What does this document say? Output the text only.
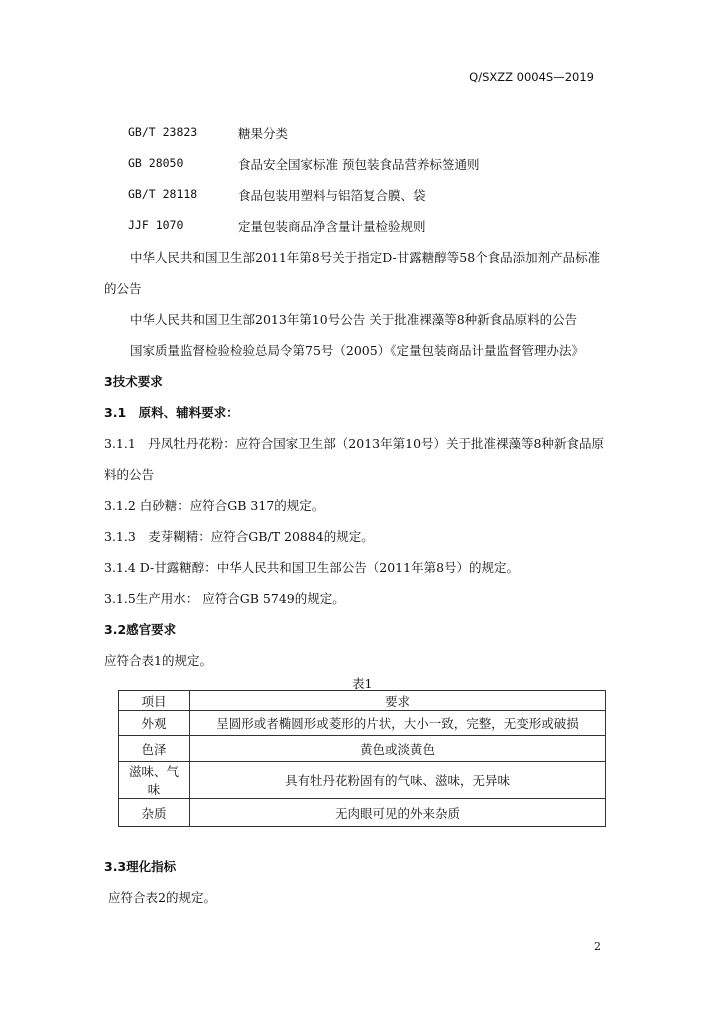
Q/SXZZ 0004S—2019
GB/T 23823	糖果分类
GB 28050	食品安全国家标准 预包装食品营养标签通则
GB/T 28118	食品包装用塑料与铝箔复合膜、袋
JJF 1070	定量包装商品净含量计量检验规则
中华人民共和国卫生部2011年第8号关于指定D-甘露糖醇等58个食品添加剂产品标准
的公告
中华人民共和国卫生部2013年第10号公告 关于批准裸藻等8种新食品原料的公告
国家质量监督检验检验总局令第75号（2005）《定量包装商品计量监督管理办法》
3技术要求
3.1　原料、辅料要求：
3.1.1　丹凤牡丹花粉：应符合国家卫生部（2013年第10号）关于批准裸藻等8种新食品原
料的公告
3.1.2 白砂糖：应符合GB 317的规定。
3.1.3　麦芽糊精：应符合GB/T 20884的规定。
3.1.4 D-甘露糖醇：中华人民共和国卫生部公告（2011年第8号）的规定。
3.1.5生产用水： 应符合GB 5749的规定。
3.2感官要求
应符合表1的规定。
表1
项目	要求
外观	呈圆形或者椭圆形或菱形的片状，大小一致，完整，无变形或破损
色泽	黄色或淡黄色
滋味、气味	具有牡丹花粉固有的气味、滋味，无异味
杂质	无肉眼可见的外来杂质
3.3理化指标
应符合表2的规定。
2
